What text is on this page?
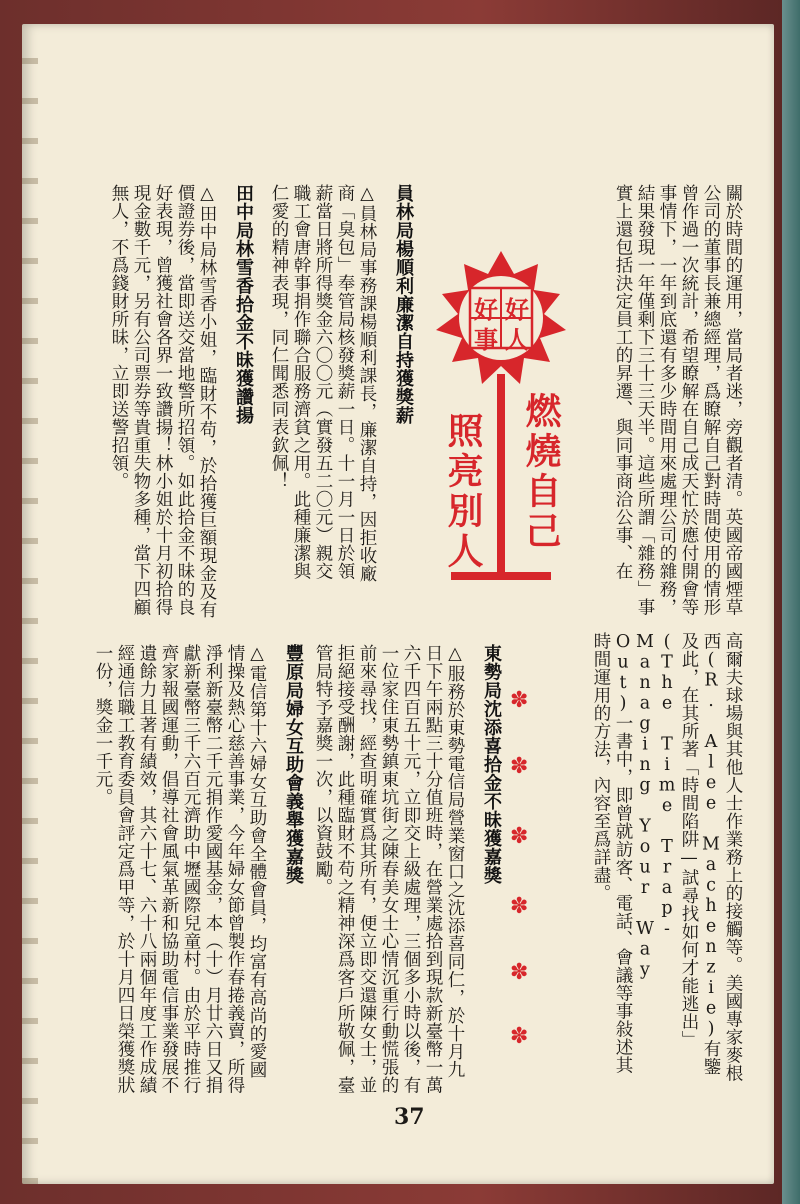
關於時間的運用，當局者迷，旁觀者清。英國帝國煙草公司的董事長兼總經理，爲瞭解自己對時間使用的情形曾作過一次統計，希望瞭解在自己成天忙於應付開會等事情下，一年到底還有多少時間用來處理公司的雜務，結果發現一年僅剩下三十三天半。這些所謂「雜務」事實上還包括決定員工的昇遷、與同事商洽公事、在
好 好
人
事
燃燒自己
照亮別人
員林局楊順利廉潔自持獲獎薪
△員林局事務課楊順利課長，廉潔自持，因拒收廠商「臭包」奉管局核發獎薪一日。十一月一日於領薪當日將所得獎金六〇〇元（實發五二〇元）親交職工會唐幹事捐作聯合服務濟貧之用。此種廉潔與仁愛的精神表現，同仁聞悉同表欽佩！
田中局林雪香拾金不昧獲讚揚
△田中局林雪香小姐，臨財不苟，於拾獲巨額現金及有價證券後，當即送交當地警所招領。如此拾金不昧的良好表現，曾獲社會各界一致讚揚！林小姐於十月初拾得現金數千元，另有公司票券等貴重失物多種，當下四顧無人，不爲錢財所昧，立即送警招領。
高爾夫球場與其他人士作業務上的接觸等。美國專家麥根西(R. Alee Machenzie)有鑒及此，在其所著「時間陷阱—試尋找如何才能逃出」(The Time Trap-Managing Your Way Out)一書中，即曾就訪客、電話、會議等事敍述其時間運用的方法，內容至爲詳盡。
✽
✽
✽
✽
✽
✽
東勢局沈添喜拾金不昧獲嘉獎
△服務於東勢電信局營業窗口之沈添喜同仁，於十月九日下午兩點三十分值班時，在營業處拾到現款新臺幣一萬六千四百五十元，立即交上級處理，三個多小時以後，有一位家住東勢鎮東坑街之陳春美女士心情沉重行動慌張的前來尋找，經查明確實爲其所有，便立即交還陳女士，並拒絕接受酬謝，此種臨財不苟之精神深爲客戶所敬佩，臺管局特予嘉獎一次，以資鼓勵。
豐原局婦女互助會義舉獲嘉獎
△電信第十六婦女互助會全體會員，均富有高尚的愛國情操及熱心慈善事業，今年婦女節曾製作春捲義賣，所得淨利新臺幣二千元捐作愛國基金，本（十）月廿六日又捐獻新臺幣三千六百元濟助中壢國際兒童村。由於平時推行齊家報國運動，倡導社會風氣革新和協助電信事業發展不遺餘力且著有績效，其六十七、六十八兩個年度工作成績經通信職工教育委員會評定爲甲等，於十月四日榮獲獎狀一份，獎金一千元。
37
